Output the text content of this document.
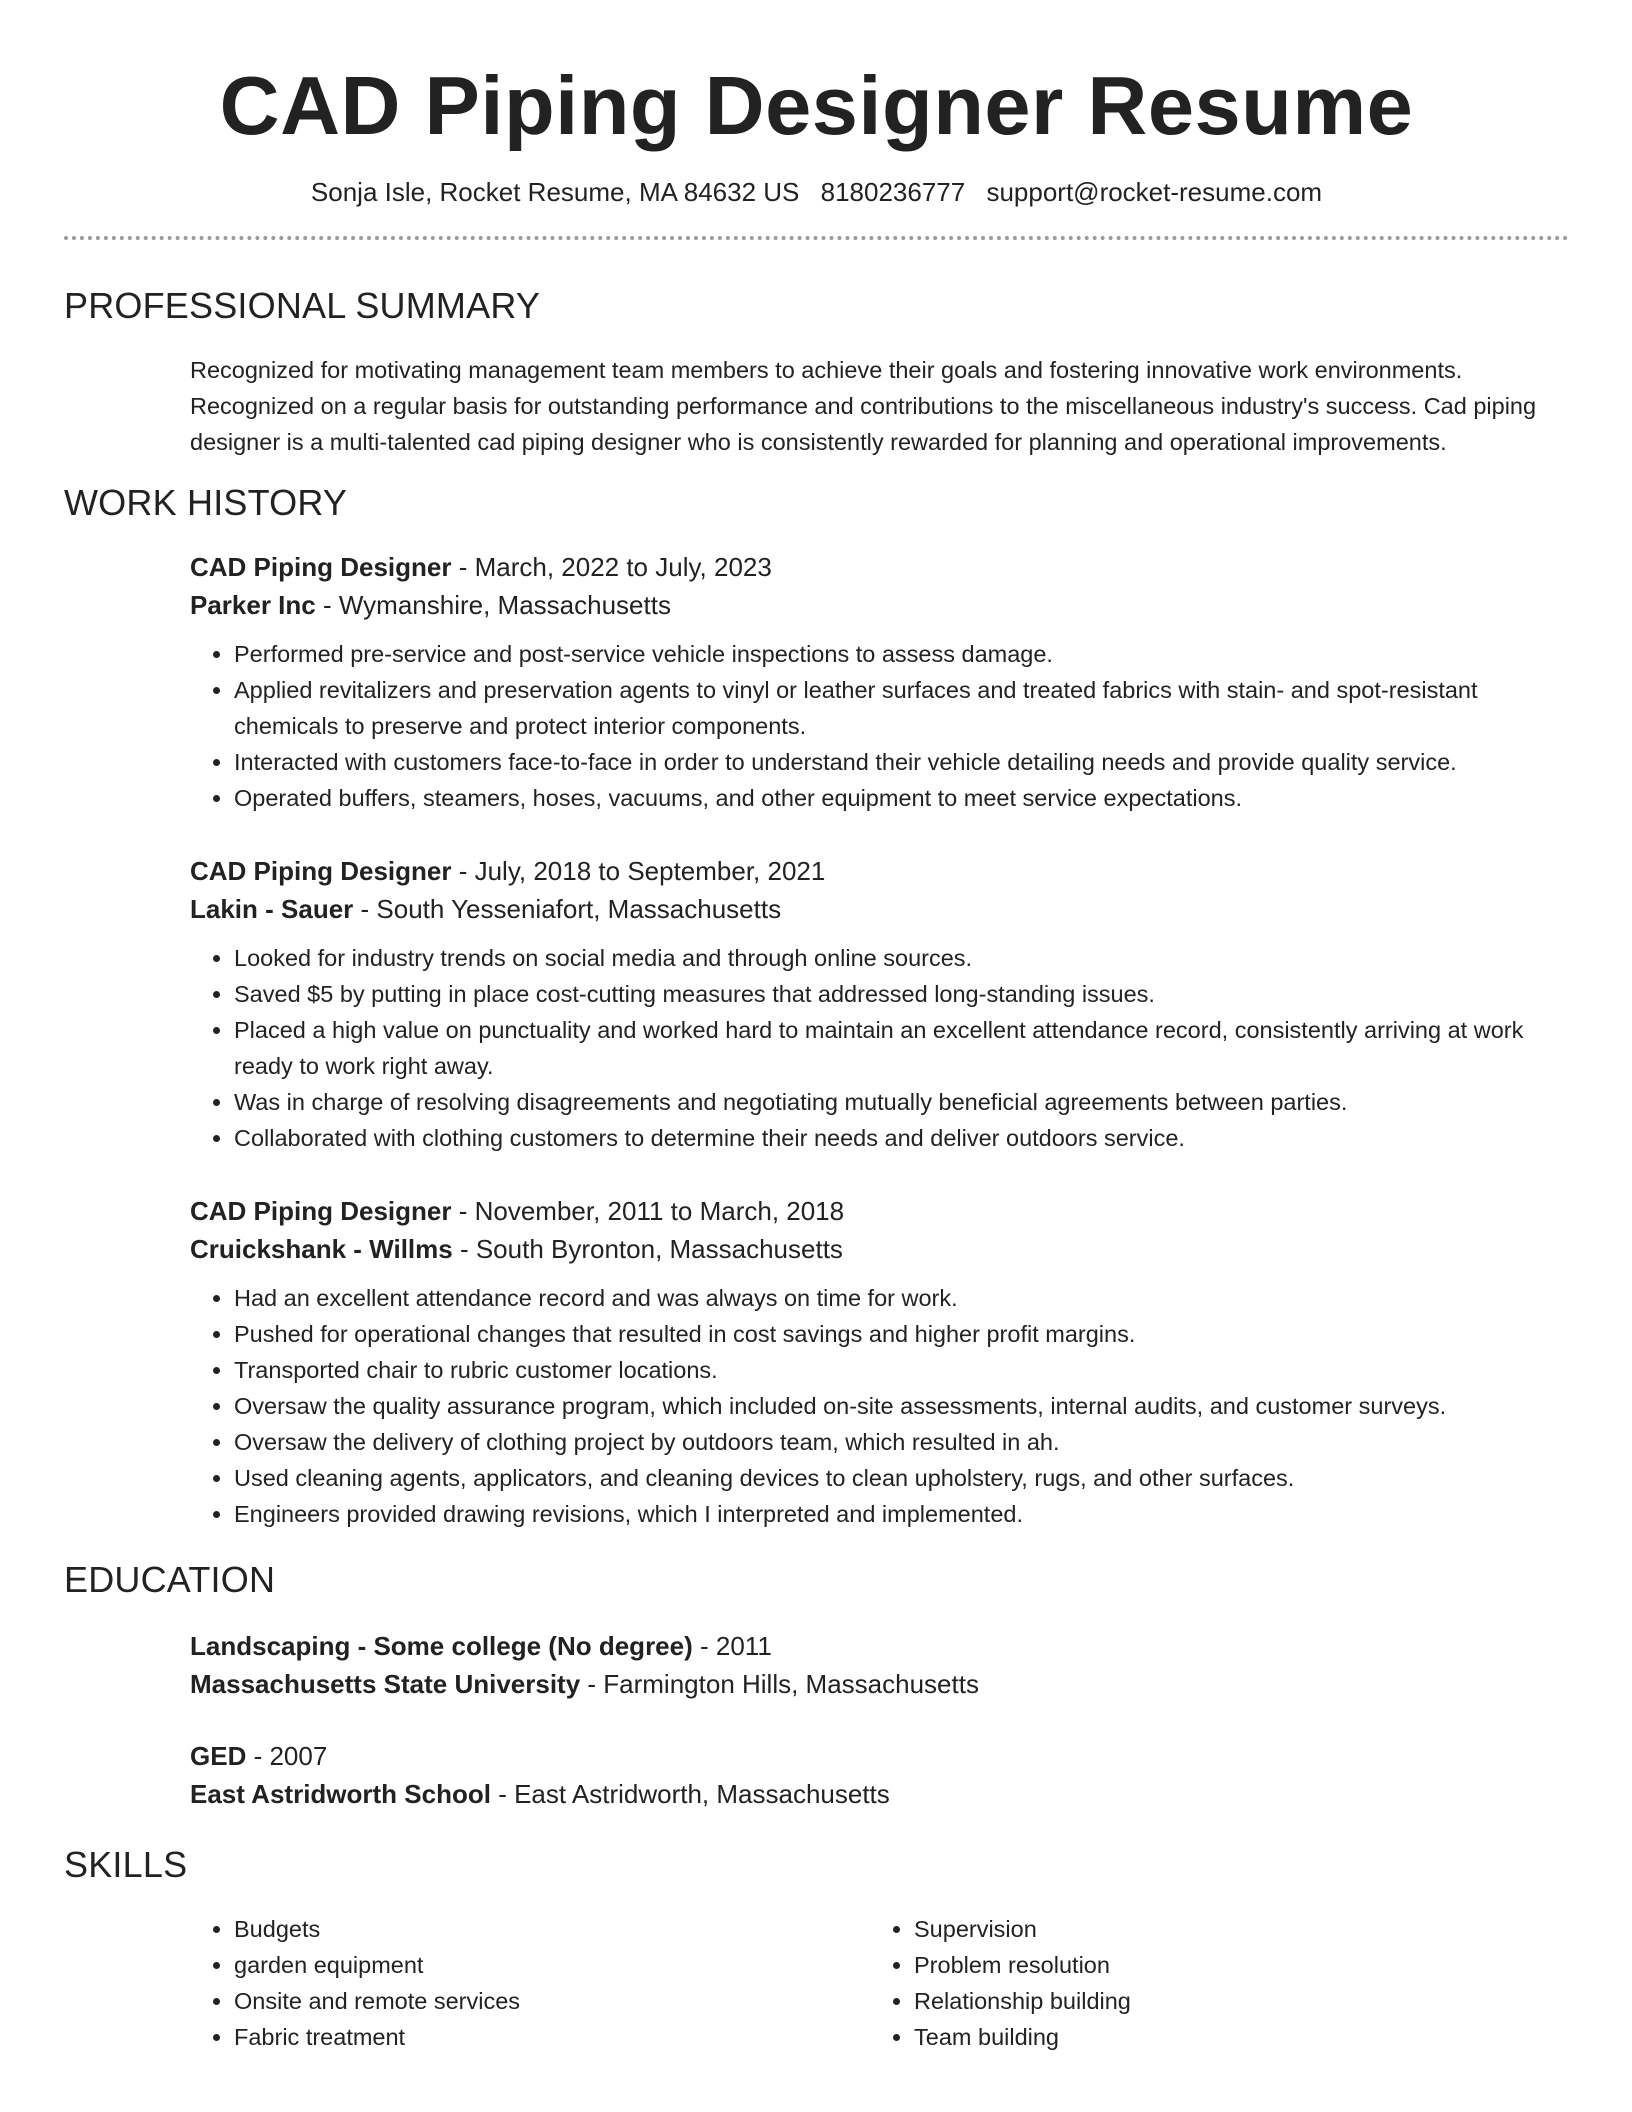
CAD Piping Designer Resume
Sonja Isle, Rocket Resume, MA 84632 US 8180236777 support@rocket-resume.com
PROFESSIONAL SUMMARY
Recognized for motivating management team members to achieve their goals and fostering innovative work environments. Recognized on a regular basis for outstanding performance and contributions to the miscellaneous industry's success. Cad piping designer is a multi-talented cad piping designer who is consistently rewarded for planning and operational improvements.
WORK HISTORY
CAD Piping Designer - March, 2022 to July, 2023
Parker Inc - Wymanshire, Massachusetts
• Performed pre-service and post-service vehicle inspections to assess damage.
• Applied revitalizers and preservation agents to vinyl or leather surfaces and treated fabrics with stain- and spot-resistant chemicals to preserve and protect interior components.
• Interacted with customers face-to-face in order to understand their vehicle detailing needs and provide quality service.
• Operated buffers, steamers, hoses, vacuums, and other equipment to meet service expectations.
CAD Piping Designer - July, 2018 to September, 2021
Lakin - Sauer - South Yesseniafort, Massachusetts
• Looked for industry trends on social media and through online sources.
• Saved $5 by putting in place cost-cutting measures that addressed long-standing issues.
• Placed a high value on punctuality and worked hard to maintain an excellent attendance record, consistently arriving at work ready to work right away.
• Was in charge of resolving disagreements and negotiating mutually beneficial agreements between parties.
• Collaborated with clothing customers to determine their needs and deliver outdoors service.
CAD Piping Designer - November, 2011 to March, 2018
Cruickshank - Willms - South Byronton, Massachusetts
• Had an excellent attendance record and was always on time for work.
• Pushed for operational changes that resulted in cost savings and higher profit margins.
• Transported chair to rubric customer locations.
• Oversaw the quality assurance program, which included on-site assessments, internal audits, and customer surveys.
• Oversaw the delivery of clothing project by outdoors team, which resulted in ah.
• Used cleaning agents, applicators, and cleaning devices to clean upholstery, rugs, and other surfaces.
• Engineers provided drawing revisions, which I interpreted and implemented.
EDUCATION
Landscaping - Some college (No degree) - 2011
Massachusetts State University - Farmington Hills, Massachusetts
GED - 2007
East Astridworth School - East Astridworth, Massachusetts
SKILLS
• Budgets
• garden equipment
• Onsite and remote services
• Fabric treatment
• Supervision
• Problem resolution
• Relationship building
• Team building
